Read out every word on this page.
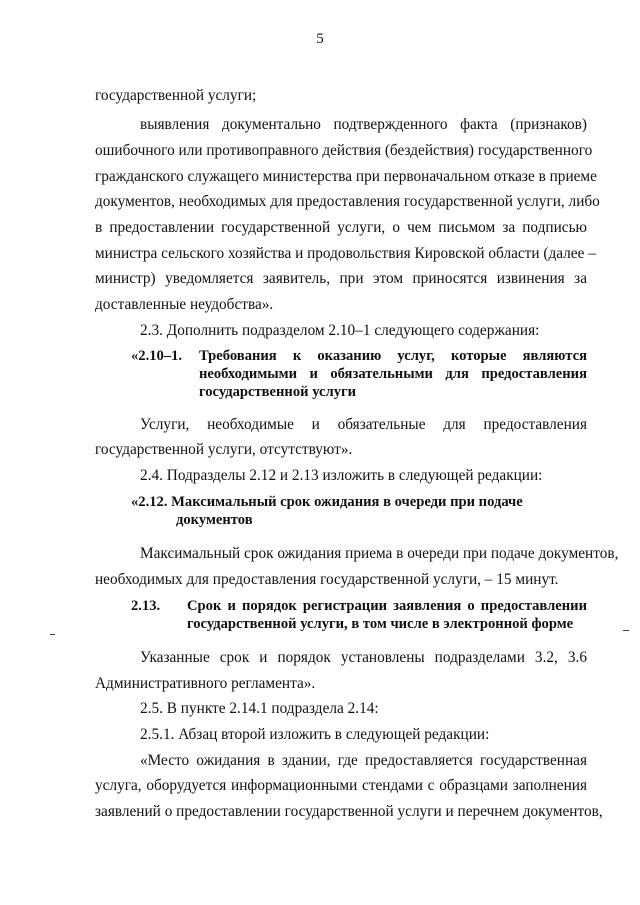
5
государственной услуги;
выявления документально подтвержденного факта (признаков)
ошибочного или противоправного действия (бездействия) государственного
гражданского служащего министерства при первоначальном отказе в приеме
документов, необходимых для предоставления государственной услуги, либо
в предоставлении государственной услуги, о чем письмом за подписью
министра сельского хозяйства и продовольствия Кировской области (далее –
министр) уведомляется заявитель, при этом приносятся извинения за
доставленные неудобства».
2.3. Дополнить подразделом 2.10–1 следующего содержания:
«2.10–1.	Требования к оказанию услуг, которые являются
необходимыми и обязательными для предоставления
государственной услуги
Услуги, необходимые и обязательные для предоставления
государственной услуги, отсутствуют».
2.4. Подразделы 2.12 и 2.13 изложить в следующей редакции:
«2.12. Максимальный срок ожидания в очереди при подаче
документов
Максимальный срок ожидания приема в очереди при подаче документов,
необходимых для предоставления государственной услуги, – 15 минут.
2.13.	Срок и порядок регистрации заявления о предоставлении
государственной услуги, в том числе в электронной форме
Указанные срок и порядок установлены подразделами 3.2, 3.6
Административного регламента».
2.5. В пункте 2.14.1 подраздела 2.14:
2.5.1. Абзац второй изложить в следующей редакции:
«Место ожидания в здании, где предоставляется государственная
услуга, оборудуется информационными стендами с образцами заполнения
заявлений о предоставлении государственной услуги и перечнем документов,
